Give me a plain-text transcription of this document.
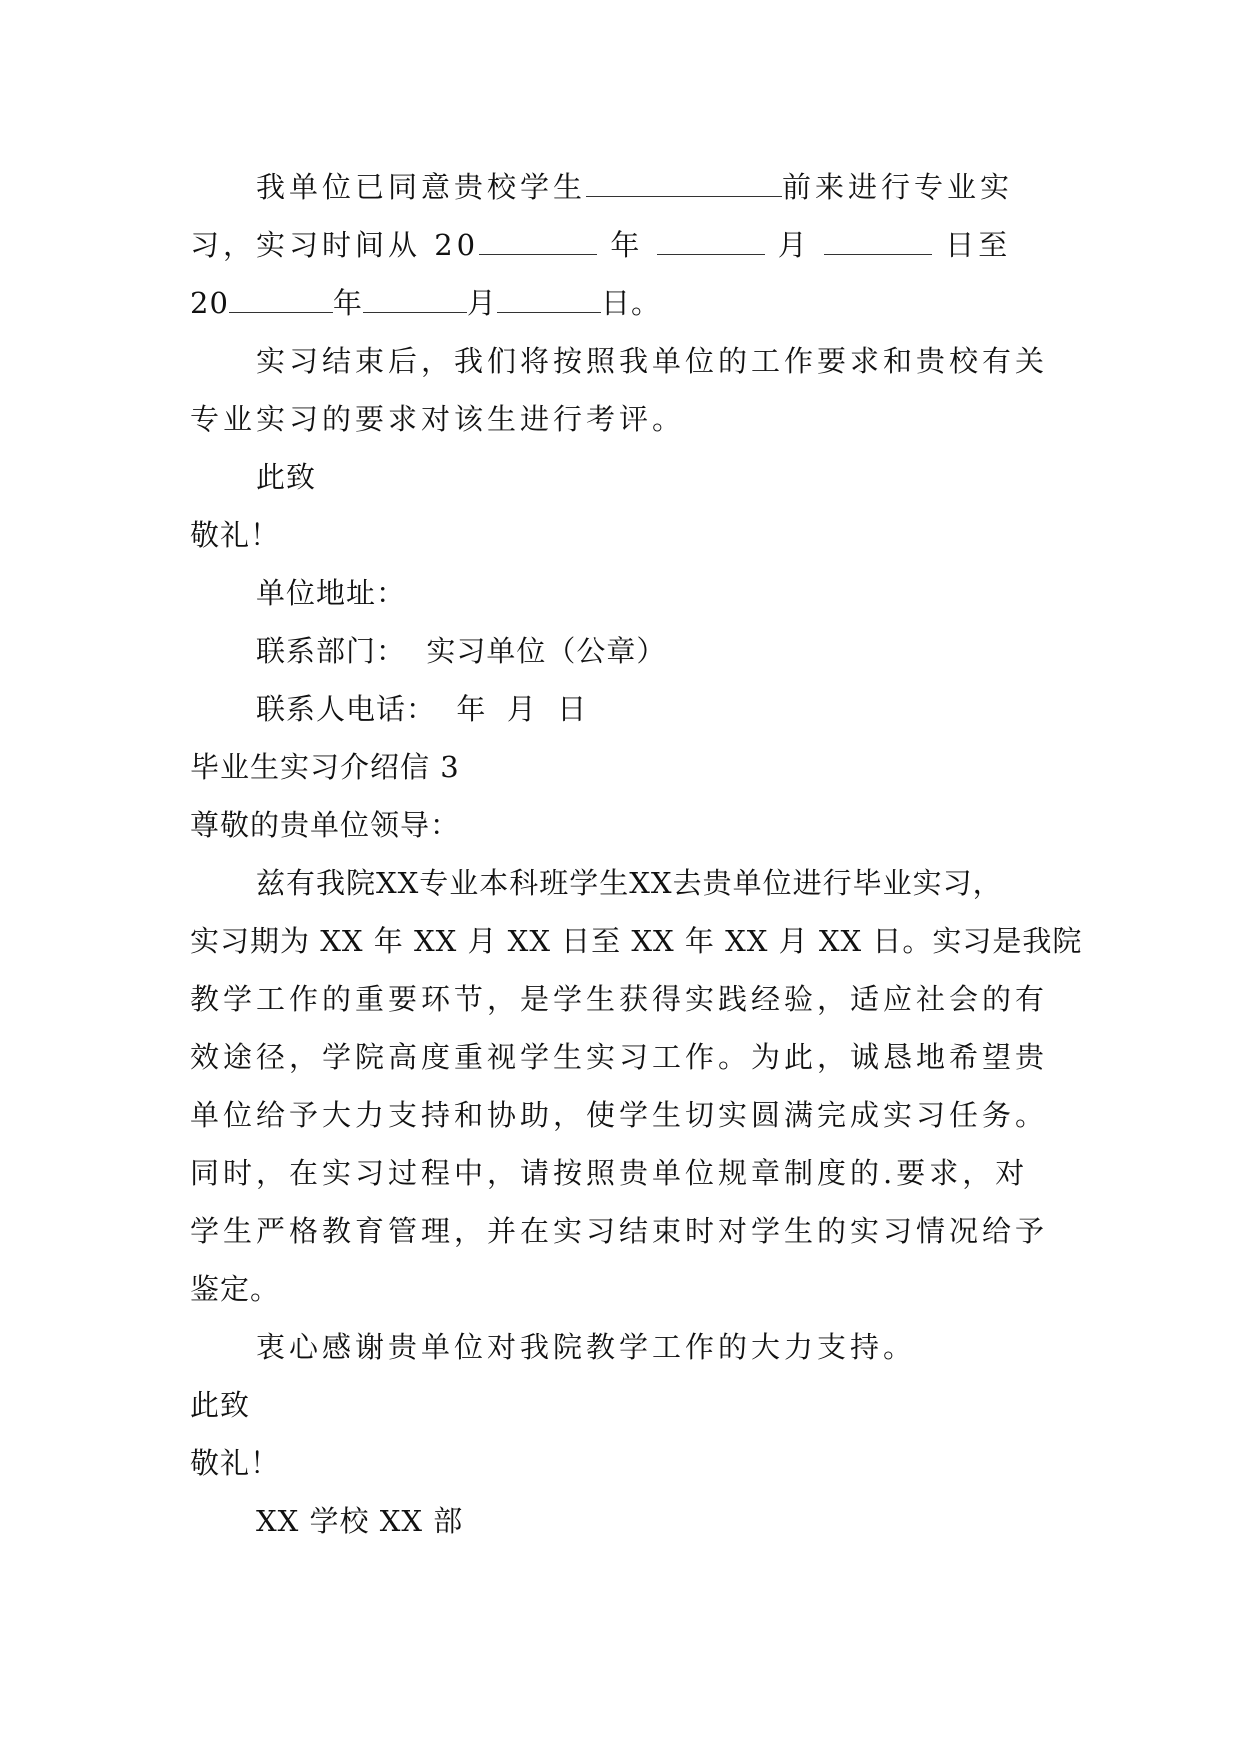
我单位已同意贵校学生	前来进行专业实
习，实习时间从 20	年	月	日至
20	年	月	日。
实习结束后，我们将按照我单位的工作要求和贵校有关
专业实习的要求对该生进行考评。
此致
敬礼！
单位地址：
联系部门：  实习单位（公章）
联系人电话：  年  月  日
毕业生实习介绍信 3
尊敬的贵单位领导：
兹有我院XX专业本科班学生XX去贵单位进行毕业实习，
实习期为 XX 年 XX 月 XX 日至 XX 年 XX 月 XX 日。实习是我院
教学工作的重要环节，是学生获得实践经验，适应社会的有
效途径，学院高度重视学生实习工作。为此，诚恳地希望贵
单位给予大力支持和协助，使学生切实圆满完成实习任务。
同时，在实习过程中，请按照贵单位规章制度的.要求，对
学生严格教育管理，并在实习结束时对学生的实习情况给予
鉴定。
衷心感谢贵单位对我院教学工作的大力支持。
此致
敬礼！
XX 学校 XX 部
